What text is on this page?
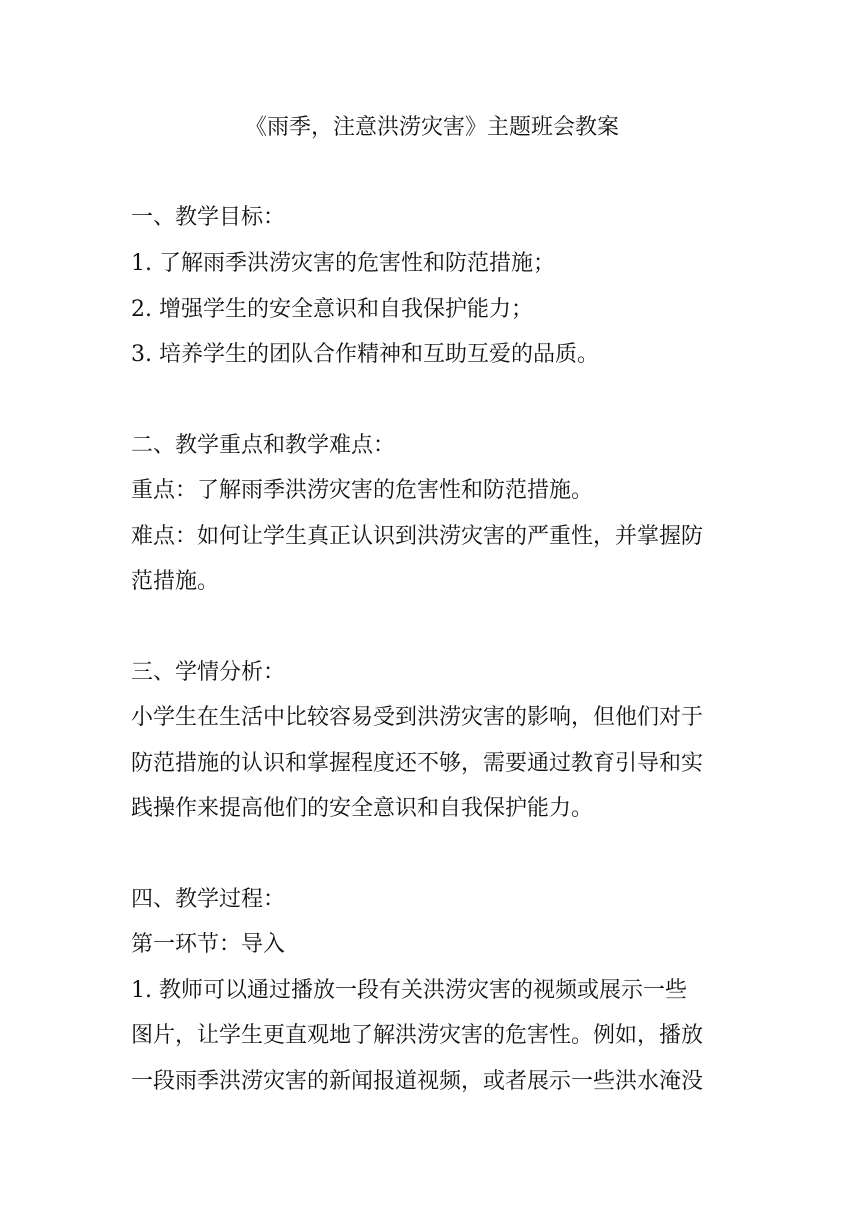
《雨季，注意洪涝灾害》主题班会教案
一、教学目标：
1. 了解雨季洪涝灾害的危害性和防范措施；
2. 增强学生的安全意识和自我保护能力；
3. 培养学生的团队合作精神和互助互爱的品质。
二、教学重点和教学难点：
重点：了解雨季洪涝灾害的危害性和防范措施。
难点：如何让学生真正认识到洪涝灾害的严重性，并掌握防
范措施。
三、学情分析：
小学生在生活中比较容易受到洪涝灾害的影响，但他们对于
防范措施的认识和掌握程度还不够，需要通过教育引导和实
践操作来提高他们的安全意识和自我保护能力。
四、教学过程：
第一环节：导入
1. 教师可以通过播放一段有关洪涝灾害的视频或展示一些
图片，让学生更直观地了解洪涝灾害的危害性。例如，播放
一段雨季洪涝灾害的新闻报道视频，或者展示一些洪水淹没
